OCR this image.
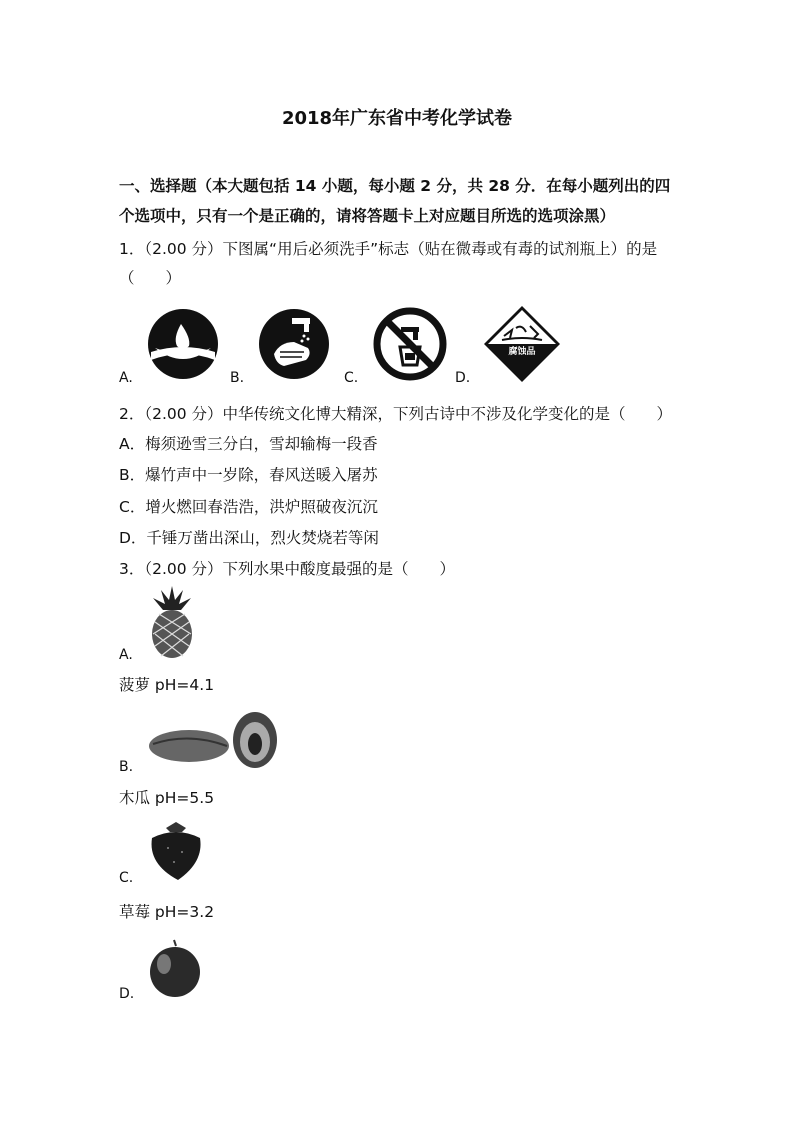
2018年广东省中考化学试卷
一、选择题（本大题包括 14 小题，每小题 2 分，共 28 分．在每小题列出的四
个选项中，只有一个是正确的，请将答题卡上对应题目所选的选项涂黑）
1．（2.00 分）下图属“用后必须洗手”标志（贴在微毒或有毒的试剂瓶上）的是
（　　）
A.	B.	C.
腐蚀品
D.
2．（2.00 分）中华传统文化博大精深，下列古诗中不涉及化学变化的是（　　）
A．梅须逊雪三分白，雪却输梅一段香
B．爆竹声中一岁除，春风送暖入屠苏
C．增火燃回春浩浩，洪炉照破夜沉沉
D．千锤万凿出深山，烈火焚烧若等闲
3．（2.00 分）下列水果中酸度最强的是（　　）
A.
菠萝 pH=4.1
B.
木瓜 pH=5.5
C.
草莓 pH=3.2
D.
